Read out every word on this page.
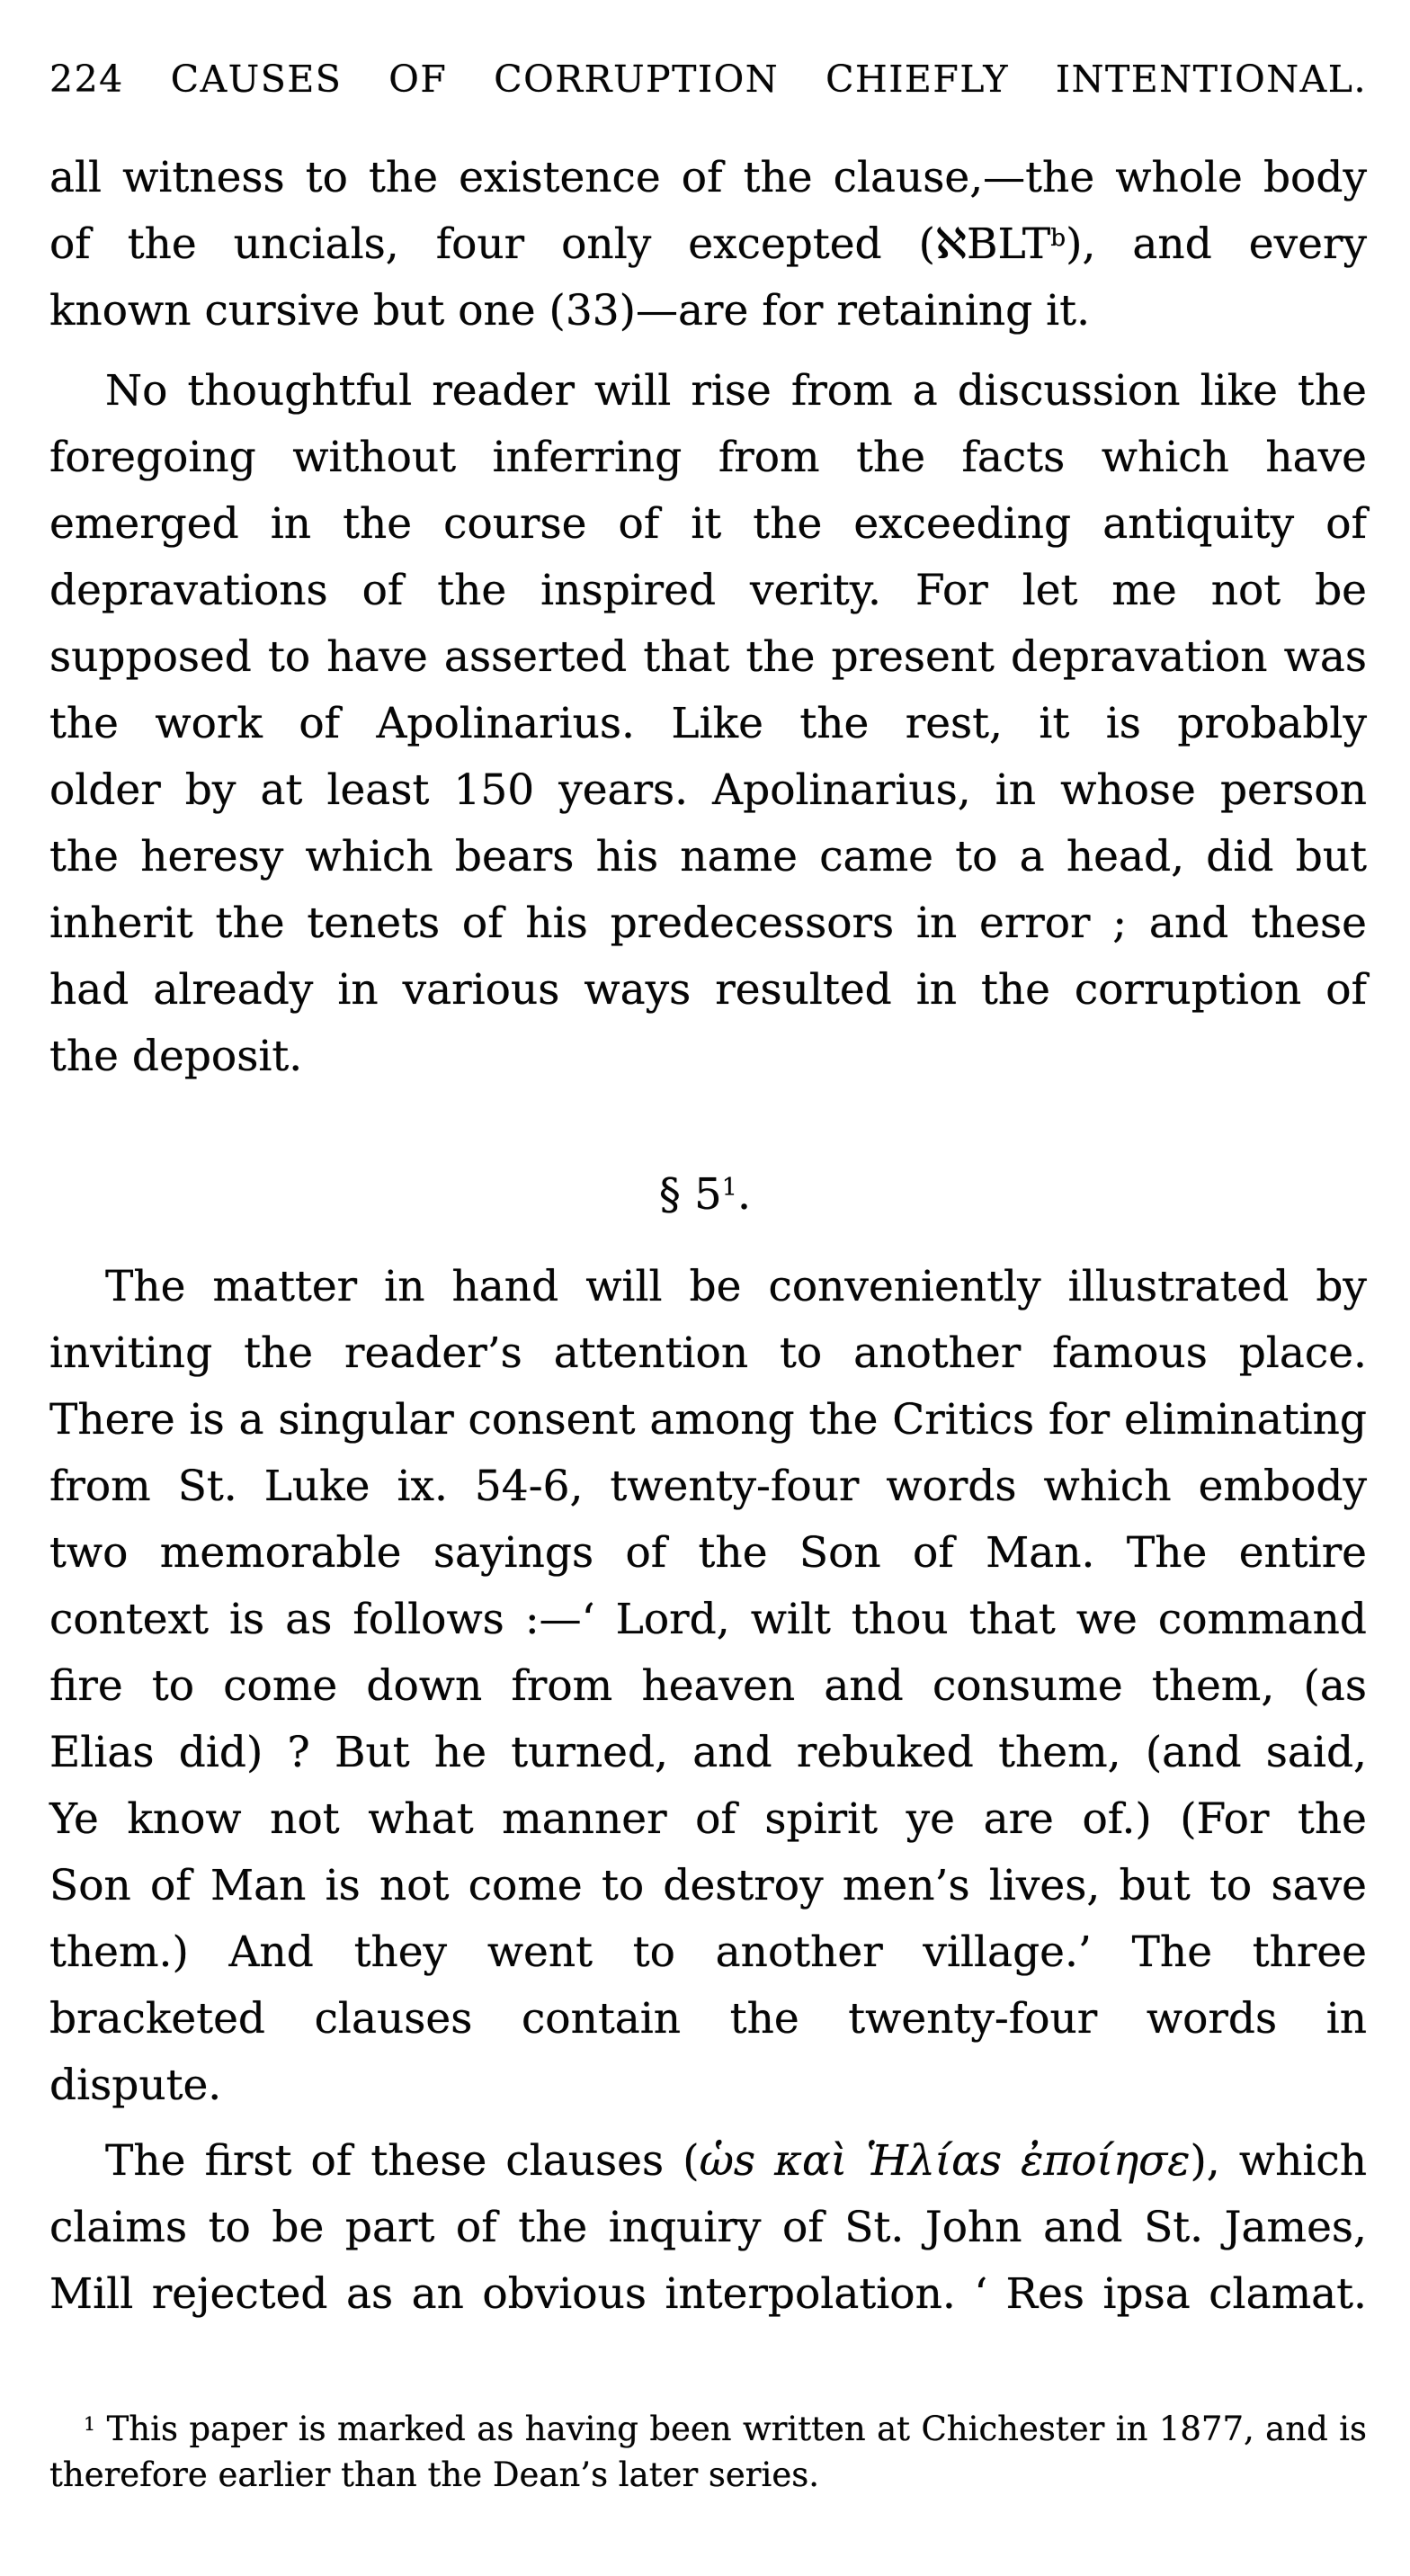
224 CAUSES OF CORRUPTION CHIEFLY INTENTIONAL.
all witness to the existence of the clause,—the whole body
of the uncials, four only excepted (ℵBLTb), and every
known cursive but one (33)—are for retaining it.
No thoughtful reader will rise from a discussion like the
foregoing without inferring from the facts which have
emerged in the course of it the exceeding antiquity of
depravations of the inspired verity. For let me not be
supposed to have asserted that the present depravation was
the work of Apolinarius. Like the rest, it is probably
older by at least 150 years. Apolinarius, in whose person
the heresy which bears his name came to a head, did but
inherit the tenets of his predecessors in error ; and these
had already in various ways resulted in the corruption of
the deposit.
§ 51.
The matter in hand will be conveniently illustrated by
inviting the reader’s attention to another famous place.
There is a singular consent among the Critics for eliminating
from St. Luke ix. 54-6, twenty-four words which embody
two memorable sayings of the Son of Man. The entire
context is as follows :—‘ Lord, wilt thou that we command
fire to come down from heaven and consume them, (as
Elias did) ? But he turned, and rebuked them, (and said,
Ye know not what manner of spirit ye are of.) (For the
Son of Man is not come to destroy men’s lives, but to save
them.) And they went to another village.’ The three
bracketed clauses contain the twenty-four words in
dispute.
The first of these clauses (ὡs καὶ Ἡλίαs ἐποίησε), which
claims to be part of the inquiry of St. John and St. James,
Mill rejected as an obvious interpolation. ‘ Res ipsa clamat.
1 This paper is marked as having been written at Chichester in 1877, and is
therefore earlier than the Dean’s later series.
